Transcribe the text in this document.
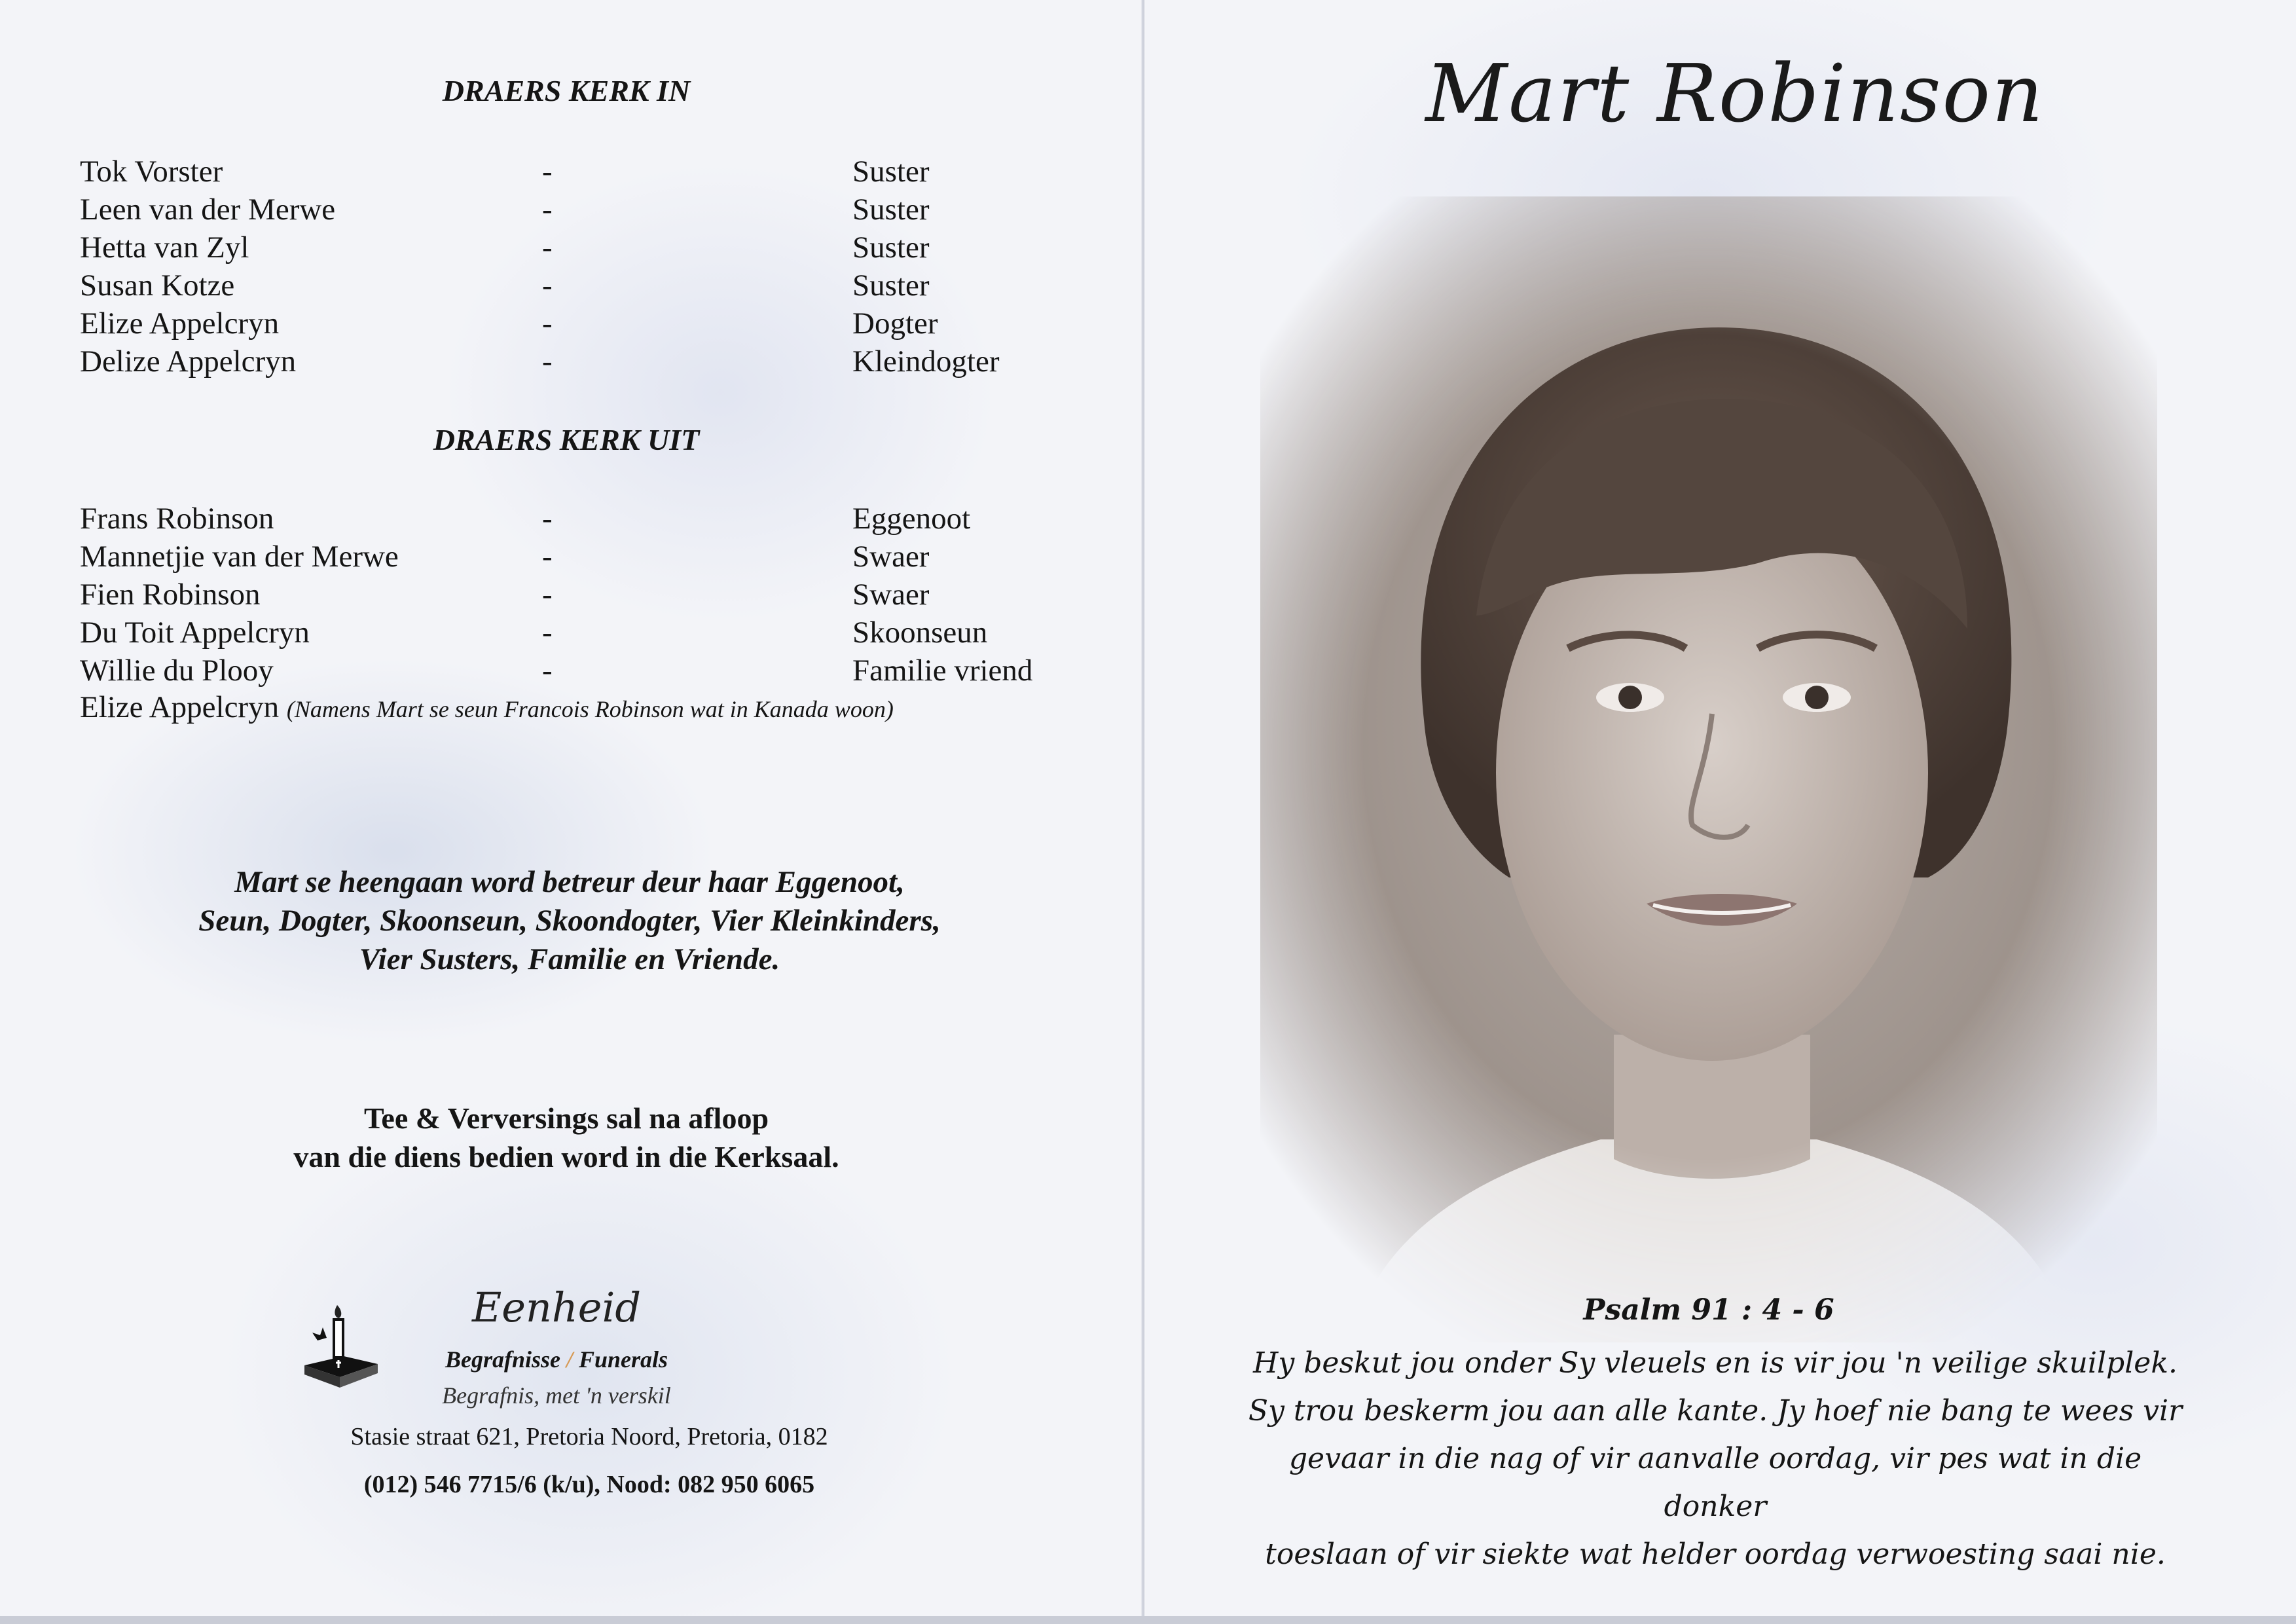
DRAERS KERK IN
Tok Vorster	-	Suster
Leen van der Merwe	-	Suster
Hetta van Zyl	-	Suster
Susan Kotze	-	Suster
Elize Appelcryn	-	Dogter
Delize Appelcryn	-	Kleindogter
DRAERS KERK UIT
Frans Robinson	-	Eggenoot
Mannetjie van der Merwe	-	Swaer
Fien Robinson	-	Swaer
Du Toit Appelcryn	-	Skoonseun
Willie du Plooy	-	Familie vriend
Elize Appelcryn (Namens Mart se seun Francois Robinson wat in Kanada woon)
Mart se heengaan word betreur deur haar Eggenoot,
Seun, Dogter, Skoonseun, Skoondogter, Vier Kleinkinders,
Vier Susters, Familie en Vriende.
Tee & Verversings sal na afloop
van die diens bedien word in die Kerksaal.
Eenheid
Begrafnisse / Funerals
Begrafnis, met 'n verskil
Stasie straat 621, Pretoria Noord, Pretoria, 0182
(012) 546 7715/6 (k/u), Nood: 082 950 6065
Mart Robinson
Psalm 91 : 4 - 6
Hy beskut jou onder Sy vleuels en is vir jou 'n veilige skuilplek.
Sy trou beskerm jou aan alle kante. Jy hoef nie bang te wees vir
gevaar in die nag of vir aanvalle oordag, vir pes wat in die donker
toeslaan of vir siekte wat helder oordag verwoesting saai nie.
